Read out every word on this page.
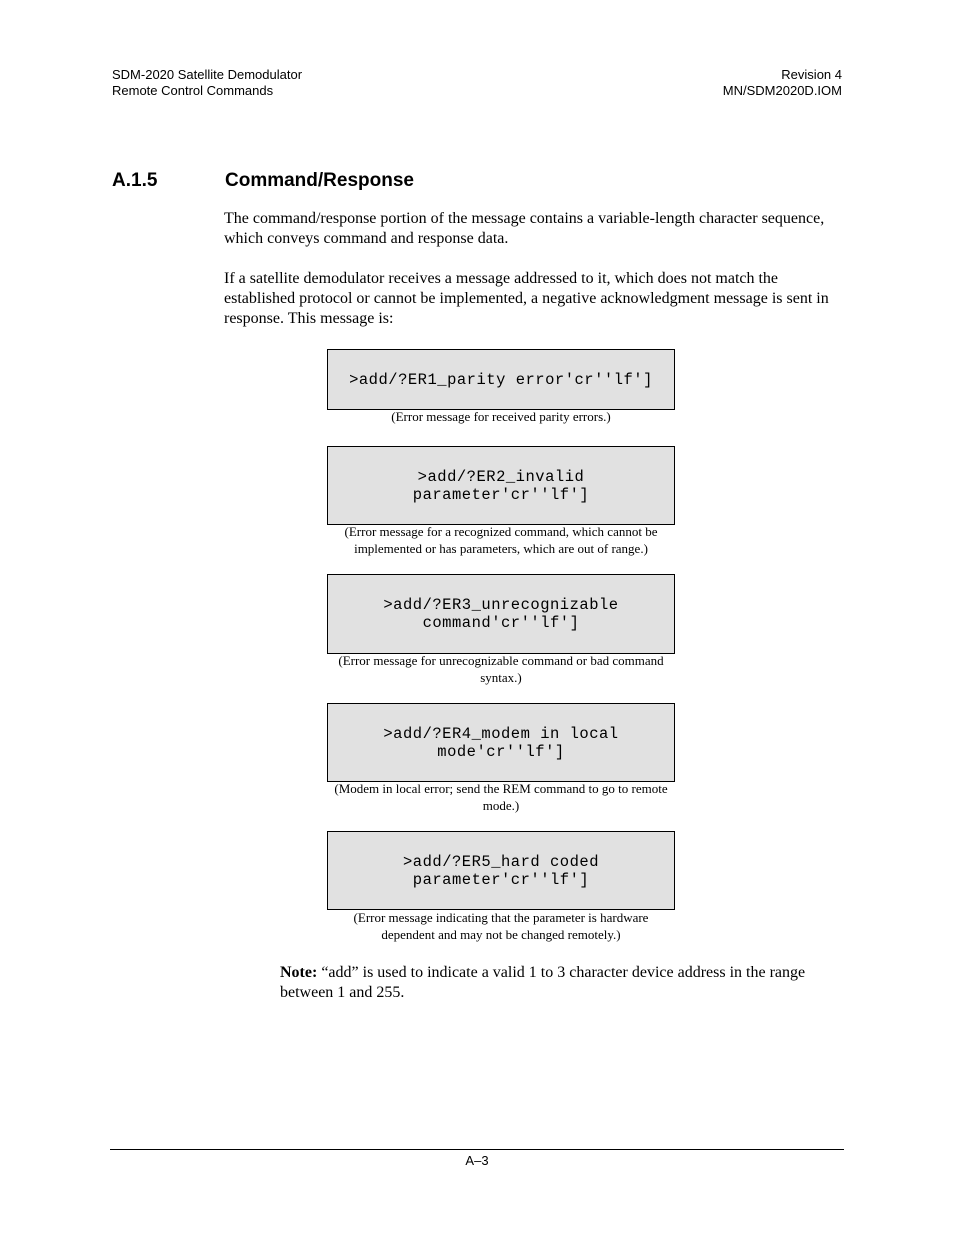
SDM-2020 Satellite Demodulator
Remote Control Commands
Revision 4
MN/SDM2020D.IOM
A.1.5	Command/Response

The command/response portion of the message contains a variable-length character sequence, which conveys command and response data.

If a satellite demodulator receives a message addressed to it, which does not match the established protocol or cannot be implemented, a negative acknowledgment message is sent in response. This message is:

>add/?ER1_parity error'cr''lf']

(Error message for received parity errors.)

>add/?ER2_invalid
parameter'cr''lf']

(Error message for a recognized command, which cannot be implemented or has parameters, which are out of range.)

>add/?ER3_unrecognizable
command'cr''lf']

(Error message for unrecognizable command or bad command syntax.)

>add/?ER4_modem in local
mode'cr''lf']

(Modem in local error; send the REM command to go to remote mode.)

>add/?ER5_hard coded
parameter'cr''lf']

(Error message indicating that the parameter is hardware dependent and may not be changed remotely.)

Note: “add” is used to indicate a valid 1 to 3 character device address in the range between 1 and 255.

A–3
